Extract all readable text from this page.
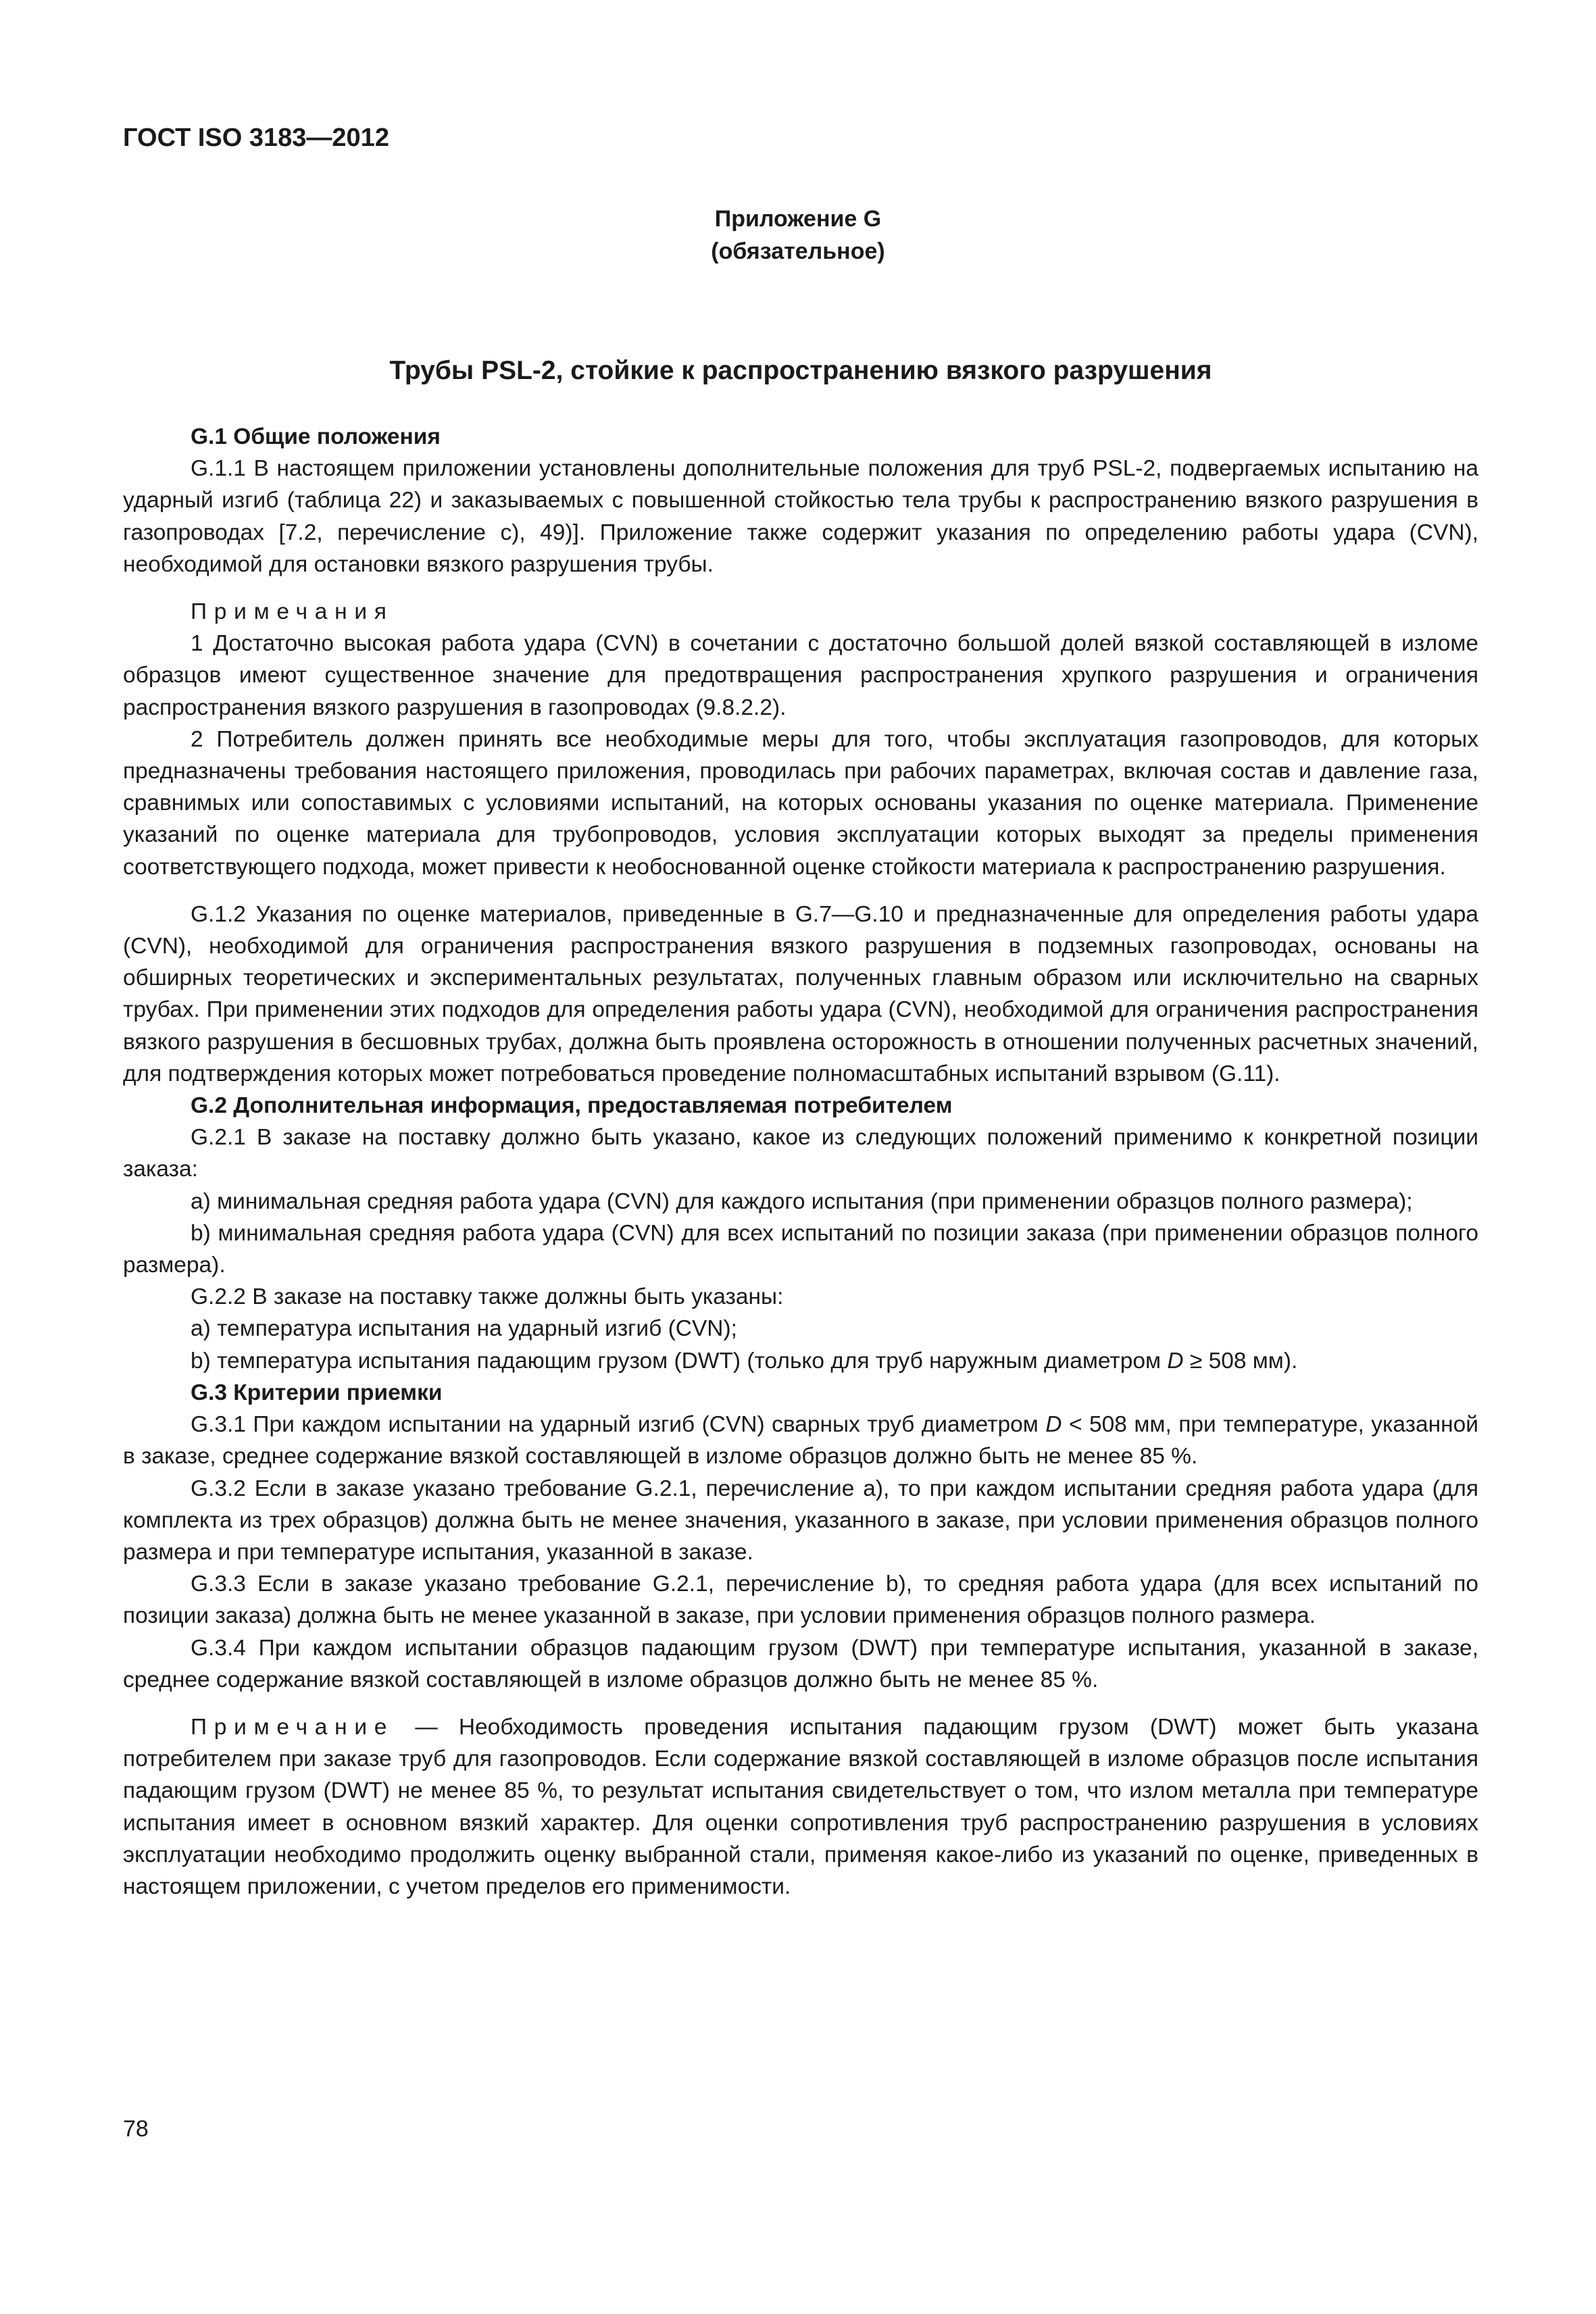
ГОСТ ISO 3183—2012
Приложение G
(обязательное)
Трубы PSL-2, стойкие к распространению вязкого разрушения

G.1 Общие положения

G.1.1 В настоящем приложении установлены дополнительные положения для труб PSL-2, подвергаемых испытанию на ударный изгиб (таблица 22) и заказываемых с повышенной стойкостью тела трубы к распространению вязкого разрушения в газопроводах [7.2, перечисление с), 49)]. Приложение также содержит указания по определению работы удара (CVN), необходимой для остановки вязкого разрушения трубы.

Примечания

1 Достаточно высокая работа удара (CVN) в сочетании с достаточно большой долей вязкой составляющей в изломе образцов имеют существенное значение для предотвращения распространения хрупкого разрушения и ограничения распространения вязкого разрушения в газопроводах (9.8.2.2).

2 Потребитель должен принять все необходимые меры для того, чтобы эксплуатация газопроводов, для которых предназначены требования настоящего приложения, проводилась при рабочих параметрах, включая состав и давление газа, сравнимых или сопоставимых с условиями испытаний, на которых основаны указания по оценке материала. Применение указаний по оценке материала для трубопроводов, условия эксплуатации которых выходят за пределы применения соответствующего подхода, может привести к необоснованной оценке стойкости материала к распространению разрушения.

G.1.2 Указания по оценке материалов, приведенные в G.7—G.10 и предназначенные для определения работы удара (CVN), необходимой для ограничения распространения вязкого разрушения в подземных газопроводах, основаны на обширных теоретических и экспериментальных результатах, полученных главным образом или исключительно на сварных трубах. При применении этих подходов для определения работы удара (CVN), необходимой для ограничения распространения вязкого разрушения в бесшовных трубах, должна быть проявлена осторожность в отношении полученных расчетных значений, для подтверждения которых может потребоваться проведение полномасштабных испытаний взрывом (G.11).

G.2 Дополнительная информация, предоставляемая потребителем

G.2.1 В заказе на поставку должно быть указано, какое из следующих положений применимо к конкретной позиции заказа:

а) минимальная средняя работа удара (CVN) для каждого испытания (при применении образцов полного размера);

b) минимальная средняя работа удара (CVN) для всех испытаний по позиции заказа (при применении образцов полного размера).

G.2.2 В заказе на поставку также должны быть указаны:

а) температура испытания на ударный изгиб (CVN);

b) температура испытания падающим грузом (DWT) (только для труб наружным диаметром D ≥ 508 мм).

G.3 Критерии приемки

G.3.1 При каждом испытании на ударный изгиб (CVN) сварных труб диаметром D < 508 мм, при температуре, указанной в заказе, среднее содержание вязкой составляющей в изломе образцов должно быть не менее 85 %.

G.3.2 Если в заказе указано требование G.2.1, перечисление а), то при каждом испытании средняя работа удара (для комплекта из трех образцов) должна быть не менее значения, указанного в заказе, при условии применения образцов полного размера и при температуре испытания, указанной в заказе.

G.3.3 Если в заказе указано требование G.2.1, перечисление b), то средняя работа удара (для всех испытаний по позиции заказа) должна быть не менее указанной в заказе, при условии применения образцов полного размера.

G.3.4 При каждом испытании образцов падающим грузом (DWT) при температуре испытания, указанной в заказе, среднее содержание вязкой составляющей в изломе образцов должно быть не менее 85 %.

Примечание — Необходимость проведения испытания падающим грузом (DWT) может быть указана потребителем при заказе труб для газопроводов. Если содержание вязкой составляющей в изломе образцов после испытания падающим грузом (DWT) не менее 85 %, то результат испытания свидетельствует о том, что излом металла при температуре испытания имеет в основном вязкий характер. Для оценки сопротивления труб распространению разрушения в условиях эксплуатации необходимо продолжить оценку выбранной стали, применяя какое-либо из указаний по оценке, приведенных в настоящем приложении, с учетом пределов его применимости.

78
